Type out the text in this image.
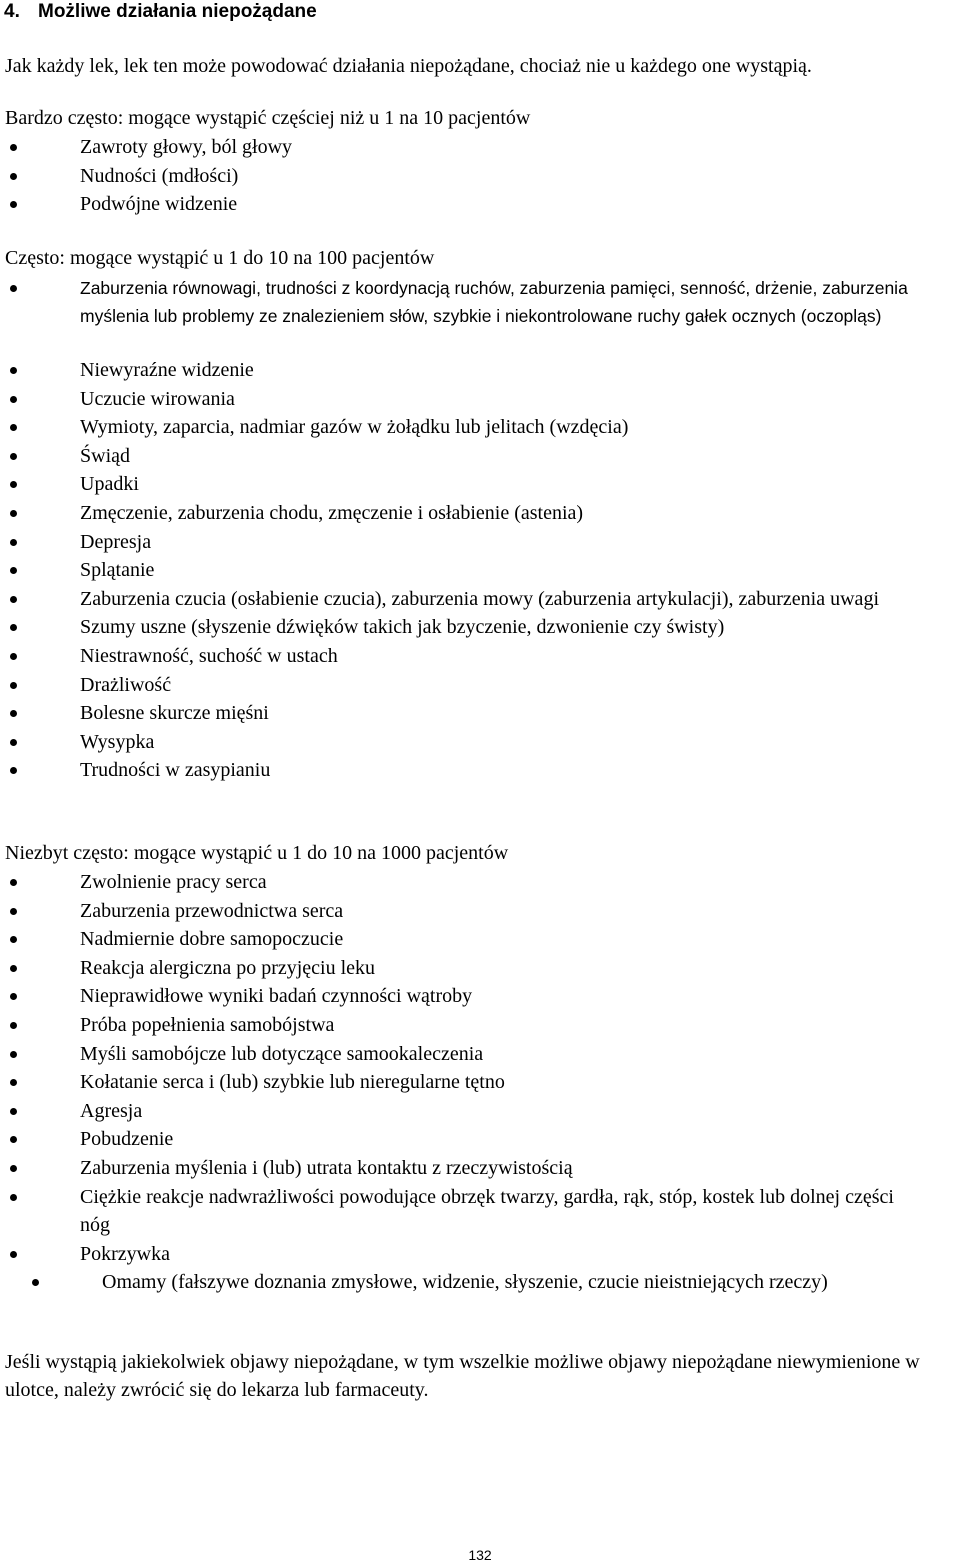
4. Możliwe działania niepożądane
Jak każdy lek, lek ten może powodować działania niepożądane, chociaż nie u każdego one wystąpią.
Bardzo często: mogące wystąpić częściej niż u 1 na 10 pacjentów
Zawroty głowy, ból głowy
Nudności (mdłości)
Podwójne widzenie
Często: mogące wystąpić u 1 do 10 na 100 pacjentów
Zaburzenia równowagi, trudności z koordynacją ruchów, zaburzenia pamięci, senność, drżenie, zaburzenia myślenia lub problemy ze znalezieniem słów, szybkie i niekontrolowane ruchy gałek ocznych (oczopląs)
Niewyraźne widzenie
Uczucie wirowania
Wymioty, zaparcia, nadmiar gazów w żołądku lub jelitach (wzdęcia)
Świąd
Upadki
Zmęczenie, zaburzenia chodu, zmęczenie i osłabienie (astenia)
Depresja
Splątanie
Zaburzenia czucia (osłabienie czucia), zaburzenia mowy (zaburzenia artykulacji), zaburzenia uwagi
Szumy uszne (słyszenie dźwięków takich jak bzyczenie, dzwonienie czy świsty)
Niestrawność, suchość w ustach
Drażliwość
Bolesne skurcze mięśni
Wysypka
Trudności w zasypianiu
Niezbyt często: mogące wystąpić u 1 do 10 na 1000 pacjentów
Zwolnienie pracy serca
Zaburzenia przewodnictwa serca
Nadmiernie dobre samopoczucie
Reakcja alergiczna po przyjęciu leku
Nieprawidłowe wyniki badań czynności wątroby
Próba popełnienia samobójstwa
Myśli samobójcze lub dotyczące samookaleczenia
Kołatanie serca i (lub) szybkie lub nieregularne tętno
Agresja
Pobudzenie
Zaburzenia myślenia i (lub) utrata kontaktu z rzeczywistością
Ciężkie reakcje nadwrażliwości powodujące obrzęk twarzy, gardła, rąk, stóp, kostek lub dolnej części nóg
Pokrzywka
Omamy (fałszywe doznania zmysłowe, widzenie, słyszenie, czucie nieistniejących rzeczy)
Jeśli wystąpią jakiekolwiek objawy niepożądane, w tym wszelkie możliwe objawy niepożądane niewymienione w ulotce, należy zwrócić się do lekarza lub farmaceuty.
132
